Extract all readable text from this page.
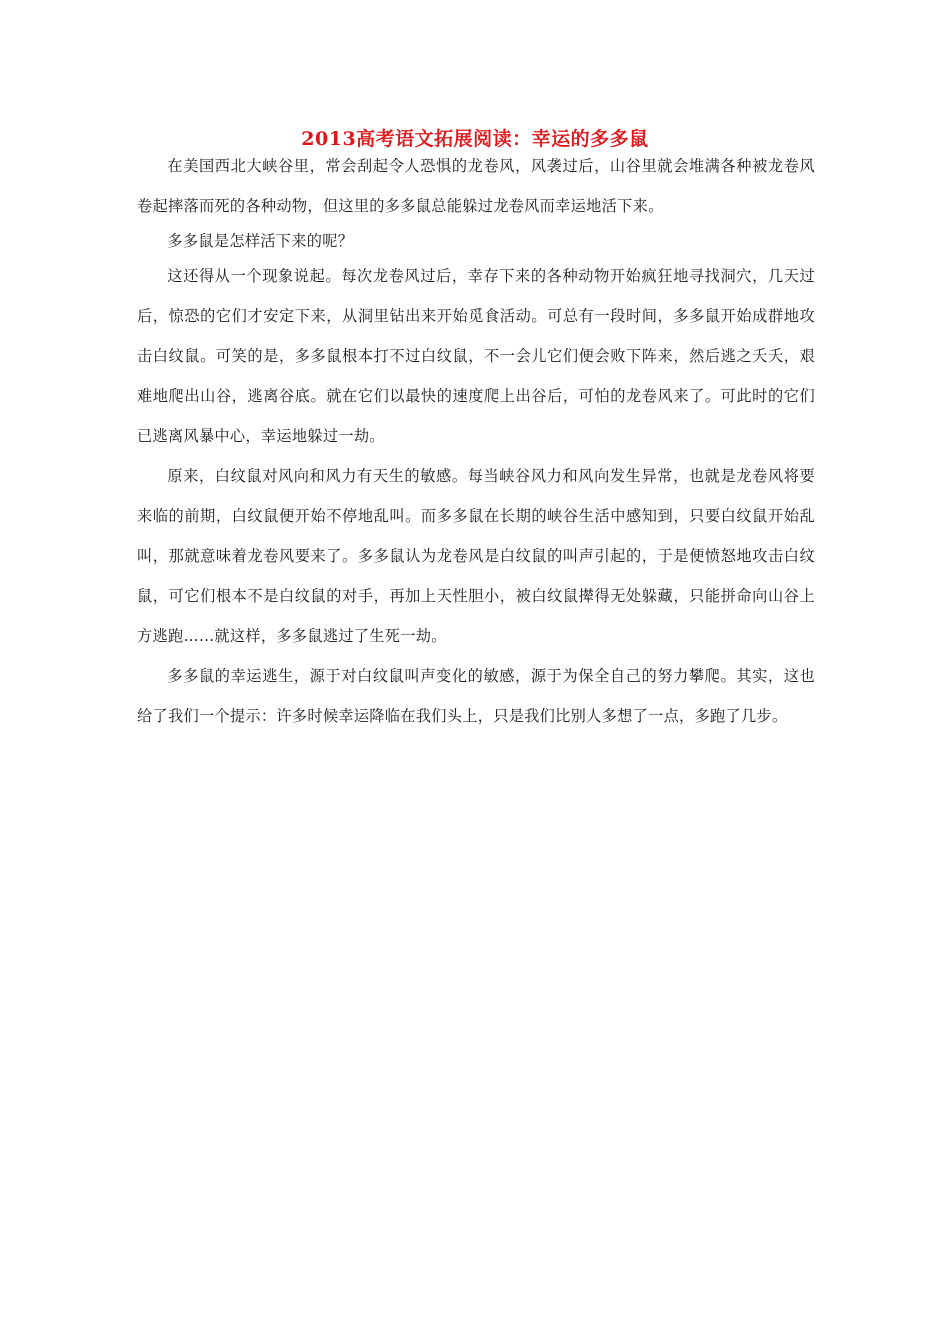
2013高考语文拓展阅读：幸运的多多鼠

在美国西北大峡谷里，常会刮起令人恐惧的龙卷风，风袭过后，山谷里就会堆满各种被龙卷风卷起摔落而死的各种动物，但这里的多多鼠总能躲过龙卷风而幸运地活下来。

多多鼠是怎样活下来的呢？

这还得从一个现象说起。每次龙卷风过后，幸存下来的各种动物开始疯狂地寻找洞穴，几天过后，惊恐的它们才安定下来，从洞里钻出来开始觅食活动。可总有一段时间，多多鼠开始成群地攻击白纹鼠。可笑的是，多多鼠根本打不过白纹鼠，不一会儿它们便会败下阵来，然后逃之夭夭，艰难地爬出山谷，逃离谷底。就在它们以最快的速度爬上出谷后，可怕的龙卷风来了。可此时的它们已逃离风暴中心，幸运地躲过一劫。

原来，白纹鼠对风向和风力有天生的敏感。每当峡谷风力和风向发生异常，也就是龙卷风将要来临的前期，白纹鼠便开始不停地乱叫。而多多鼠在长期的峡谷生活中感知到，只要白纹鼠开始乱叫，那就意味着龙卷风要来了。多多鼠认为龙卷风是白纹鼠的叫声引起的，于是便愤怒地攻击白纹鼠，可它们根本不是白纹鼠的对手，再加上天性胆小，被白纹鼠撵得无处躲藏，只能拼命向山谷上方逃跑……就这样，多多鼠逃过了生死一劫。

多多鼠的幸运逃生，源于对白纹鼠叫声变化的敏感，源于为保全自己的努力攀爬。其实，这也给了我们一个提示：许多时候幸运降临在我们头上，只是我们比别人多想了一点，多跑了几步。
